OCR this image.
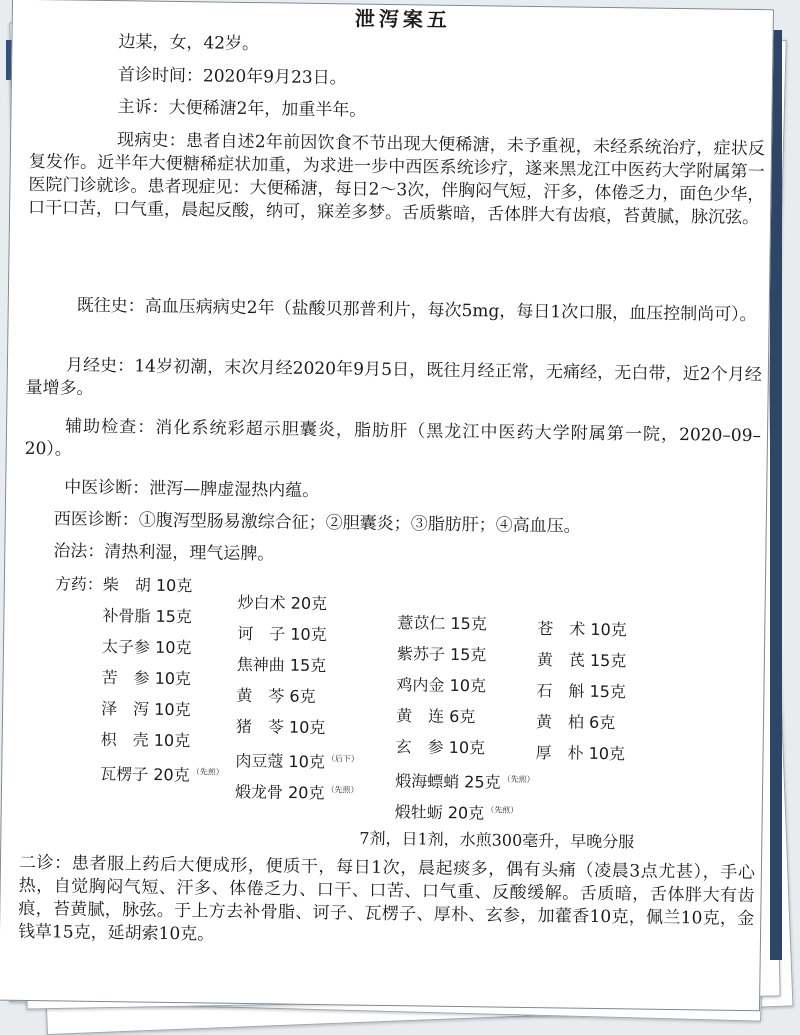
泄泻案五

边某，女，42岁。

首诊时间：2020年9月23日。

主诉：大便稀溏2年，加重半年。

现病史：患者自述2年前因饮食不节出现大便稀溏，未予重视，未经系统治疗，症状反复发作。近半年大便糖稀症状加重，为求进一步中西医系统诊疗，遂来黑龙江中医药大学附属第一医院门诊就诊。患者现症见：大便稀溏，每日2～3次，伴胸闷气短，汗多，体倦乏力，面色少华，口干口苦，口气重，晨起反酸，纳可，寐差多梦。舌质紫暗，舌体胖大有齿痕，苔黄腻，脉沉弦。

既往史：高血压病病史2年（盐酸贝那普利片，每次5mg，每日1次口服，血压控制尚可）。

月经史：14岁初潮，末次月经2020年9月5日，既往月经正常，无痛经，无白带，近2个月经量增多。

辅助检查：消化系统彩超示胆囊炎，脂肪肝（黑龙江中医药大学附属第一院，2020–09–20）。

中医诊断：泄泻—脾虚湿热内蕴。

西医诊断：①腹泻型肠易激综合征；②胆囊炎；③脂肪肝；④高血压。

治法：清热利湿，理气运脾。

方药： 柴　胡 10克
补骨脂 15克
太子参 10克
苦　参 10克
泽　泻 10克
枳　壳 10克
瓦楞子 20克 $^{(先煎)}$
炒白术 20克
诃　子 10克
焦神曲 15克
黄　芩 6克
猪　苓 10克
肉豆蔻 10克 $^{(后下)}$
煅龙骨 20克 $^{(先煎)}$
薏苡仁 15克
紫苏子 15克
鸡内金 10克
黄　连 6克
玄　参 10克
煅海螵蛸 25克 $^{(先煎)}$
煅牡蛎 20克 $^{(先煎)}$
苍　术 10克
黄　芪 15克
石　斛 15克
黄　柏 6克
厚　朴 10克

7剂，日1剂，水煎300毫升，早晚分服

二诊：患者服上药后大便成形，便质干，每日1次，晨起痰多，偶有头痛（凌晨3点尤甚），手心热，自觉胸闷气短、汗多、体倦乏力、口干、口苦、口气重、反酸缓解。舌质暗，舌体胖大有齿痕，苔黄腻，脉弦。于上方去补骨脂、诃子、瓦楞子、厚朴、玄参，加藿香10克，佩兰10克，金钱草15克，延胡索10克。
